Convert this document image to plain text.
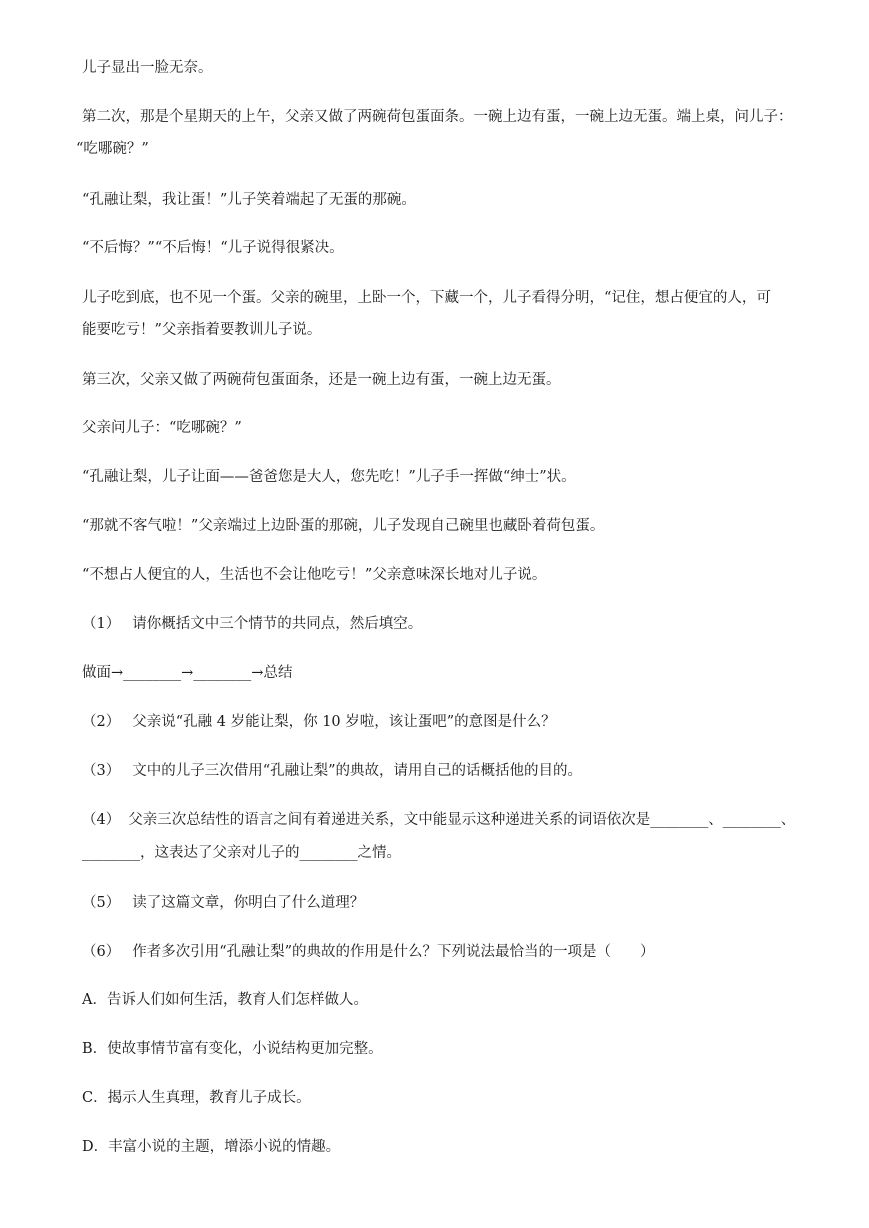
儿子显出一脸无奈。
第二次，那是个星期天的上午，父亲又做了两碗荷包蛋面条。一碗上边有蛋，一碗上边无蛋。端上桌，问儿子：
“吃哪碗？”
“孔融让梨，我让蛋！”儿子笑着端起了无蛋的那碗。
“不后悔？”“不后悔！“儿子说得很紧决。
儿子吃到底，也不见一个蛋。父亲的碗里，上卧一个，下藏一个，儿子看得分明，“记住，想占便宜的人，可
能要吃亏！”父亲指着要教训儿子说。
第三次，父亲又做了两碗荷包蛋面条，还是一碗上边有蛋，一碗上边无蛋。
父亲问儿子：“吃哪碗？”
“孔融让梨，儿子让面——爸爸您是大人，您先吃！”儿子手一挥做“绅士”状。
“那就不客气啦！”父亲端过上边卧蛋的那碗，儿子发现自己碗里也藏卧着荷包蛋。
“不想占人便宜的人，生活也不会让他吃亏！”父亲意味深长地对儿子说。
（1） 请你概括文中三个情节的共同点，然后填空。
做面→________→________→总结
（2） 父亲说“孔融 4 岁能让梨，你 10 岁啦，该让蛋吧”的意图是什么？
（3） 文中的儿子三次借用“孔融让梨”的典故，请用自己的话概括他的目的。
（4） 父亲三次总结性的语言之间有着递进关系，文中能显示这种递进关系的词语依次是________、________、
________，这表达了父亲对儿子的________之情。
（5） 读了这篇文章，你明白了什么道理？
（6） 作者多次引用“孔融让梨”的典故的作用是什么？下列说法最恰当的一项是（　　）
A．告诉人们如何生活，教育人们怎样做人。
B．使故事情节富有变化，小说结构更加完整。
C．揭示人生真理，教育儿子成长。
D．丰富小说的主题，增添小说的情趣。
